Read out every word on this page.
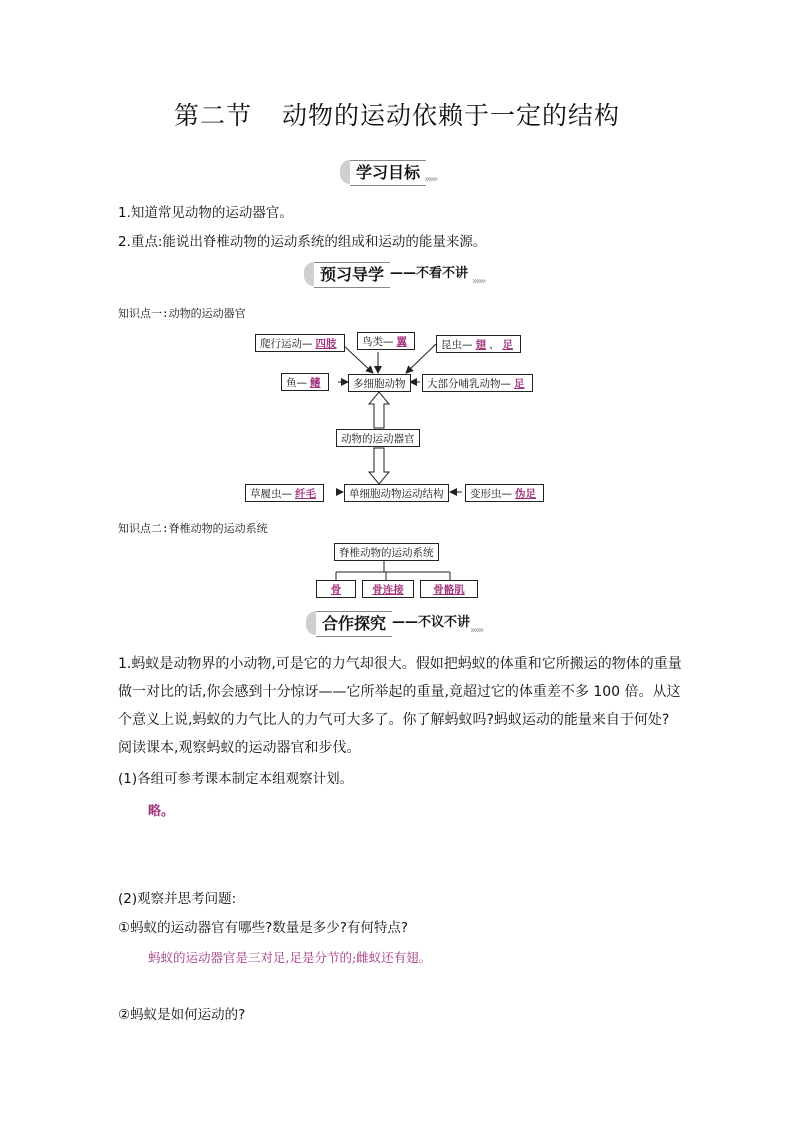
第二节 动物的运动依赖于一定的结构
学习目标 »»»
1.知道常见动物的运动器官。
2.重点:能说出脊椎动物的运动系统的组成和运动的能量来源。
预习导学 ——不看不讲
»»»
知识点一:动物的运动器官
爬行运动— 四肢	鸟类— 翼	昆虫— 翅 、 足
鱼— 鳍	多细胞动物	大部分哺乳动物— 足
动物的运动器官
草履虫— 纤毛	单细胞动物运动结构	变形虫— 伪足
知识点二:脊椎动物的运动系统
脊椎动物的运动系统
骨	骨连接	骨骼肌
合作探究 ——不议不讲
»»»
1.蚂蚁是动物界的小动物,可是它的力气却很大。假如把蚂蚁的体重和它所搬运的物体的重量做一对比的话,你会感到十分惊讶——它所举起的重量,竟超过它的体重差不多 100 倍。从这个意义上说,蚂蚁的力气比人的力气可大多了。你了解蚂蚁吗?蚂蚁运动的能量来自于何处?阅读课本,观察蚂蚁的运动器官和步伐。
(1)各组可参考课本制定本组观察计划。
略。
(2)观察并思考问题:
①蚂蚁的运动器官有哪些?数量是多少?有何特点?
蚂蚁的运动器官是三对足,足是分节的;雌蚁还有翅。
②蚂蚁是如何运动的?
